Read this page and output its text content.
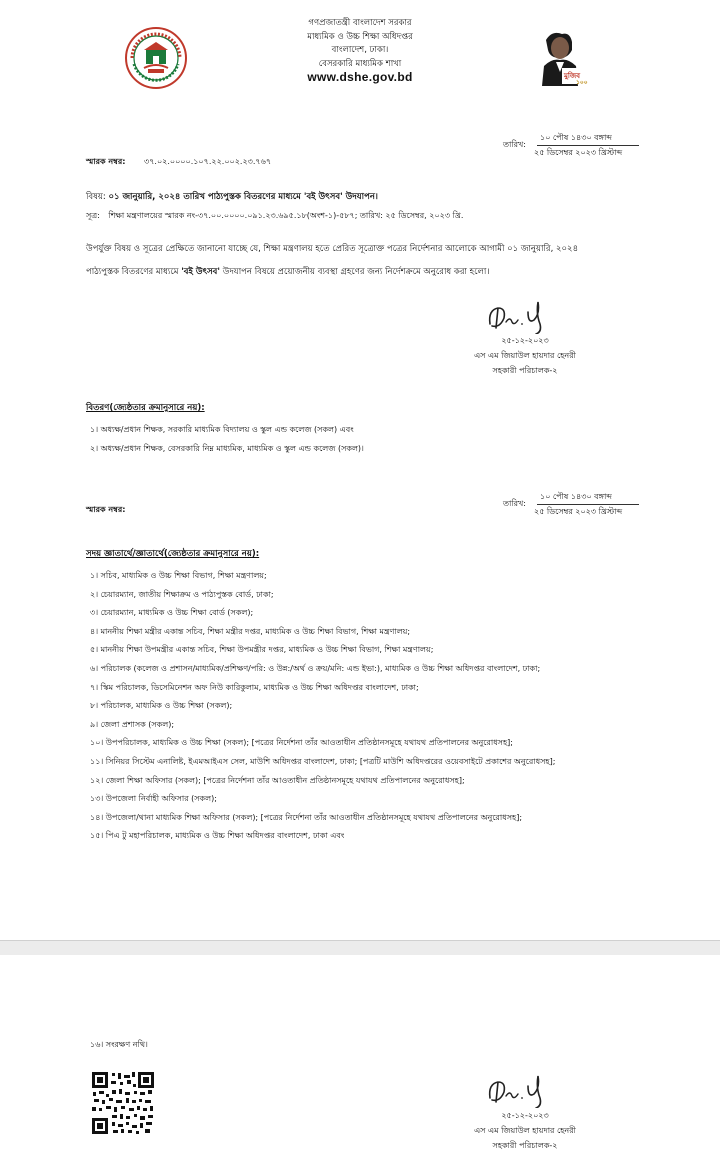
গণপ্রজাতন্ত্রী বাংলাদেশ সরকার
মাধ্যমিক ও উচ্চ শিক্ষা অধিদপ্তর
বাংলাদেশ, ঢাকা।
বেসরকারি মাধ্যমিক শাখা
www.dshe.gov.bd	মুজিব
১০০
স্মারক নম্বর: ৩৭.০২.০০০০.১০৭.২২.০০২.২৩.৭৬৭
তারিখ:
১০ পৌষ ১৪৩০ বঙ্গাব্দ
২৫ ডিসেম্বর ২০২৩ খ্রিস্টাব্দ
বিষয়: ০১ জানুয়ারি, ২০২৪ তারিখ পাঠ্যপুস্তক বিতরণের মাধ্যমে 'বই উৎসব' উদযাপন।
সূত্র: শিক্ষা মন্ত্রণালয়ের স্মারক নং-৩৭.০০.০০০০.০৯১.২৩.৬৯৫.১৮(অংশ-১)-৫৮৭; তারিখ: ২৫ ডিসেম্বর, ২০২৩ খ্রি.
উপর্যুক্ত বিষয় ও সূত্রের প্রেক্ষিতে জানানো যাচ্ছে যে, শিক্ষা মন্ত্রণালয় হতে প্রেরিত সূত্রোক্ত পত্রের নির্দেশনার আলোকে আগামী ০১ জানুয়ারি, ২০২৪
পাঠ্যপুস্তক বিতরণের মাধ্যমে 'বই উৎসব' উদযাপন বিষয়ে প্রয়োজনীয় ব্যবস্থা গ্রহণের জন্য নির্দেশক্রমে অনুরোধ করা হলো।
২৫-১২-২০২৩
এস এম জিয়াউল হায়দার হেনরী
সহকারী পরিচালক-২
বিতরণ(জ্যেষ্ঠতার ক্রমানুসারে নয়):
১। অধ্যক্ষ/প্রধান শিক্ষক, সরকারি মাধ্যমিক বিদ্যালয় ও স্কুল এন্ড কলেজ (সকল) এবং
২। অধ্যক্ষ/প্রধান শিক্ষক, বেসরকারি নিম্ন মাধ্যমিক, মাধ্যমিক ও স্কুল এন্ড কলেজ (সকল)।
স্মারক নম্বর:
তারিখ:
১০ পৌষ ১৪৩০ বঙ্গাব্দ
২৫ ডিসেম্বর ২০২৩ খ্রিস্টাব্দ
সদয় জ্ঞাতার্থে/জ্ঞাতার্থে(জ্যেষ্ঠতার ক্রমানুসারে নয়):
১। সচিব, মাধ্যমিক ও উচ্চ শিক্ষা বিভাগ, শিক্ষা মন্ত্রণালয়;
২। চেয়ারম্যান, জাতীয় শিক্ষাক্রম ও পাঠ্যপুস্তক বোর্ড, ঢাকা;
৩। চেয়ারম্যান, মাধ্যমিক ও উচ্চ শিক্ষা বোর্ড (সকল);
৪। মাননীয় শিক্ষা মন্ত্রীর একান্ত সচিব, শিক্ষা মন্ত্রীর দপ্তর, মাধ্যমিক ও উচ্চ শিক্ষা বিভাগ, শিক্ষা মন্ত্রণালয়;
৫। মাননীয় শিক্ষা উপমন্ত্রীর একান্ত সচিব, শিক্ষা উপমন্ত্রীর দপ্তর, মাধ্যমিক ও উচ্চ শিক্ষা বিভাগ, শিক্ষা মন্ত্রণালয়;
৬। পরিচালক (কলেজ ও প্রশাসন/মাধ্যমিক/প্রশিক্ষণ/পরি: ও উন্ন:/অর্থ ও ক্রয়/মনি: এন্ড ইভা:), মাধ্যমিক ও উচ্চ শিক্ষা অধিদপ্তর বাংলাদেশ, ঢাকা;
৭। স্কিম পরিচালক, ডিসেমিনেশন অফ নিউ কারিকুলাম, মাধ্যমিক ও উচ্চ শিক্ষা অধিদপ্তর বাংলাদেশ, ঢাকা;
৮। পরিচালক, মাধ্যমিক ও উচ্চ শিক্ষা (সকল);
৯। জেলা প্রশাসক (সকল);
১০। উপপরিচালক, মাধ্যমিক ও উচ্চ শিক্ষা (সকল); [পত্রের নির্দেশনা তাঁর আওতাধীন প্রতিষ্ঠানসমূহে যথাযথ প্রতিপালনের অনুরোধসহ];
১১। সিনিয়র সিস্টেম এনালিষ্ট, ইএমআইএস সেল, মাউশি অধিদপ্তর বাংলাদেশ, ঢাকা; [পত্রটি মাউশি অধিদপ্তরের ওয়েবসাইটে প্রকাশের অনুরোধসহ];
১২। জেলা শিক্ষা অফিসার (সকল); [পত্রের নির্দেশনা তাঁর আওতাধীন প্রতিষ্ঠানসমূহে যথাযথ প্রতিপালনের অনুরোধসহ];
১৩। উপজেলা নির্বাহী অফিসার (সকল);
১৪। উপজেলা/থানা মাধ্যমিক শিক্ষা অফিসার (সকল); [পত্রের নির্দেশনা তাঁর আওতাধীন প্রতিষ্ঠানসমূহে যথাযথ প্রতিপালনের অনুরোধসহ];
১৫। পিএ টু মহাপরিচালক, মাধ্যমিক ও উচ্চ শিক্ষা অধিদপ্তর বাংলাদেশ, ঢাকা এবং
১৬। সংরক্ষণ নথি।
২৫-১২-২০২৩
এস এম জিয়াউল হায়দার হেনরী
সহকারী পরিচালক-২
